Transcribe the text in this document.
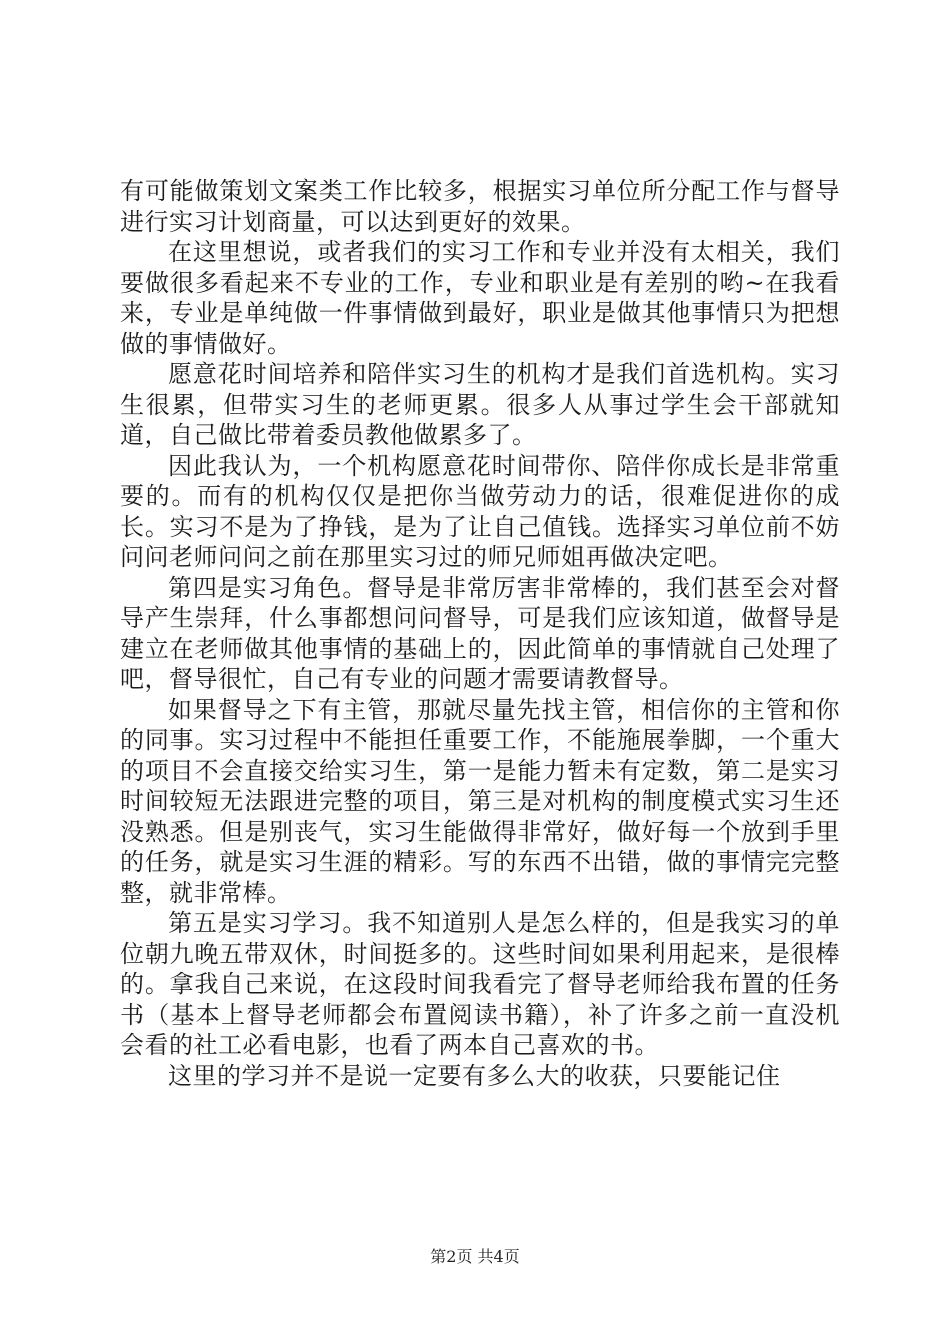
有可能做策划文案类工作比较多，根据实习单位所分配工作与督导进行实习计划商量，可以达到更好的效果。

在这里想说，或者我们的实习工作和专业并没有太相关，我们要做很多看起来不专业的工作，专业和职业是有差别的哟~在我看来，专业是单纯做一件事情做到最好，职业是做其他事情只为把想做的事情做好。

愿意花时间培养和陪伴实习生的机构才是我们首选机构。实习生很累，但带实习生的老师更累。很多人从事过学生会干部就知道，自己做比带着委员教他做累多了。

因此我认为，一个机构愿意花时间带你、陪伴你成长是非常重要的。而有的机构仅仅是把你当做劳动力的话，很难促进你的成长。实习不是为了挣钱，是为了让自己值钱。选择实习单位前不妨问问老师问问之前在那里实习过的师兄师姐再做决定吧。

第四是实习角色。督导是非常厉害非常棒的，我们甚至会对督导产生崇拜，什么事都想问问督导，可是我们应该知道，做督导是建立在老师做其他事情的基础上的，因此简单的事情就自己处理了吧，督导很忙，自己有专业的问题才需要请教督导。

如果督导之下有主管，那就尽量先找主管，相信你的主管和你的同事。实习过程中不能担任重要工作，不能施展拳脚，一个重大的项目不会直接交给实习生，第一是能力暂未有定数，第二是实习时间较短无法跟进完整的项目，第三是对机构的制度模式实习生还没熟悉。但是别丧气，实习生能做得非常好，做好每一个放到手里的任务，就是实习生涯的精彩。写的东西不出错，做的事情完完整整，就非常棒。

第五是实习学习。我不知道别人是怎么样的，但是我实习的单位朝九晚五带双休，时间挺多的。这些时间如果利用起来，是很棒的。拿我自己来说，在这段时间我看完了督导老师给我布置的任务书（基本上督导老师都会布置阅读书籍），补了许多之前一直没机会看的社工必看电影，也看了两本自己喜欢的书。

这里的学习并不是说一定要有多么大的收获，只要能记住

第2页 共4页
